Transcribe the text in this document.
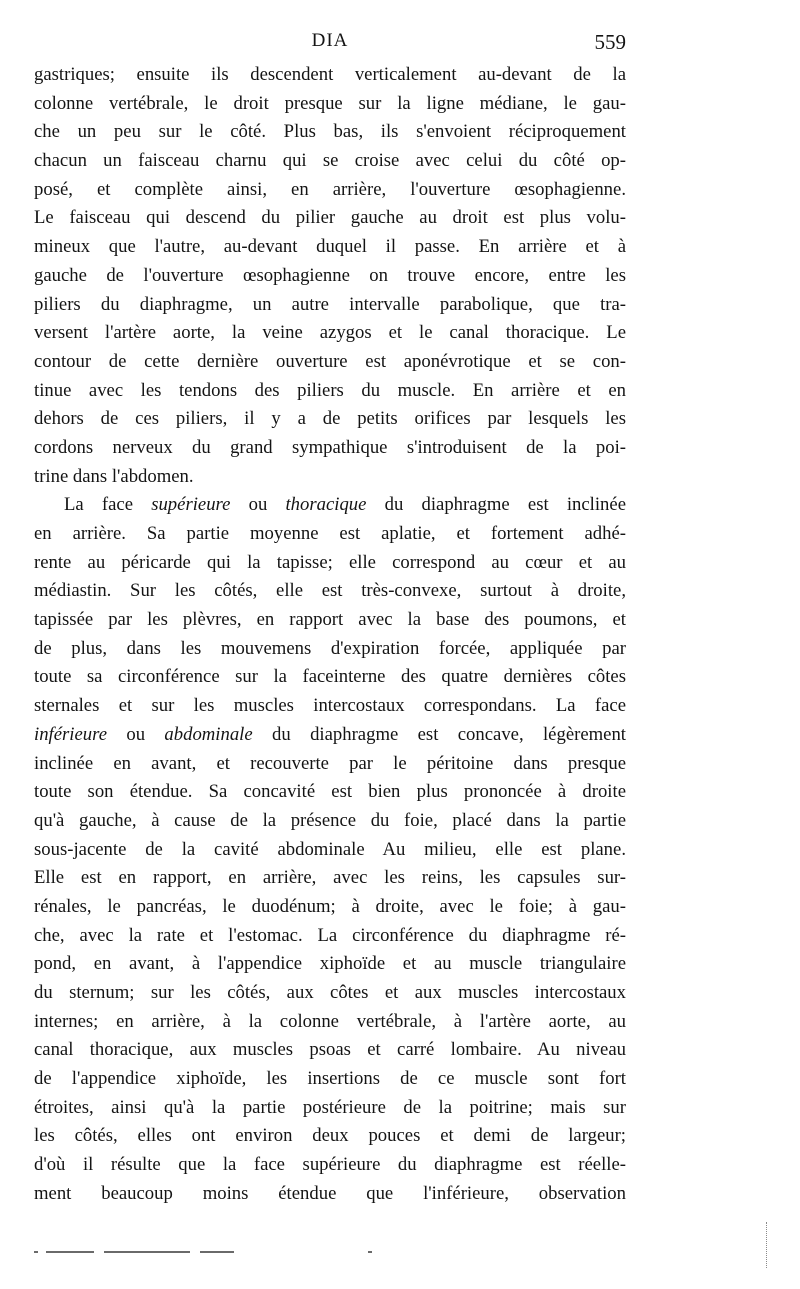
DIA	559
gastriques; ensuite ils descendent verticalement au-devant de la
colonne vertébrale, le droit presque sur la ligne médiane, le gau-
che un peu sur le côté. Plus bas, ils s'envoient réciproquement
chacun un faisceau charnu qui se croise avec celui du côté op-
posé, et complète ainsi, en arrière, l'ouverture œsophagienne.
Le faisceau qui descend du pilier gauche au droit est plus volu-
mineux que l'autre, au-devant duquel il passe. En arrière et à
gauche de l'ouverture œsophagienne on trouve encore, entre les
piliers du diaphragme, un autre intervalle parabolique, que tra-
versent l'artère aorte, la veine azygos et le canal thoracique. Le
contour de cette dernière ouverture est aponévrotique et se con-
tinue avec les tendons des piliers du muscle. En arrière et en
dehors de ces piliers, il y a de petits orifices par lesquels les
cordons nerveux du grand sympathique s'introduisent de la poi-
trine dans l'abdomen.
La face supérieure ou thoracique du diaphragme est inclinée
en arrière. Sa partie moyenne est aplatie, et fortement adhé-
rente au péricarde qui la tapisse; elle correspond au cœur et au
médiastin. Sur les côtés, elle est très-convexe, surtout à droite,
tapissée par les plèvres, en rapport avec la base des poumons, et
de plus, dans les mouvemens d'expiration forcée, appliquée par
toute sa circonférence sur la faceinterne des quatre dernières côtes
sternales et sur les muscles intercostaux correspondans. La face
inférieure ou abdominale du diaphragme est concave, légèrement
inclinée en avant, et recouverte par le péritoine dans presque
toute son étendue. Sa concavité est bien plus prononcée à droite
qu'à gauche, à cause de la présence du foie, placé dans la partie
sous-jacente de la cavité abdominale Au milieu, elle est plane.
Elle est en rapport, en arrière, avec les reins, les capsules sur-
rénales, le pancréas, le duodénum; à droite, avec le foie; à gau-
che, avec la rate et l'estomac. La circonférence du diaphragme ré-
pond, en avant, à l'appendice xiphoïde et au muscle triangulaire
du sternum; sur les côtés, aux côtes et aux muscles intercostaux
internes; en arrière, à la colonne vertébrale, à l'artère aorte, au
canal thoracique, aux muscles psoas et carré lombaire. Au niveau
de l'appendice xiphoïde, les insertions de ce muscle sont fort
étroites, ainsi qu'à la partie postérieure de la poitrine; mais sur
les côtés, elles ont environ deux pouces et demi de largeur;
d'où il résulte que la face supérieure du diaphragme est réelle-
ment beaucoup moins étendue que l'inférieure, observation
